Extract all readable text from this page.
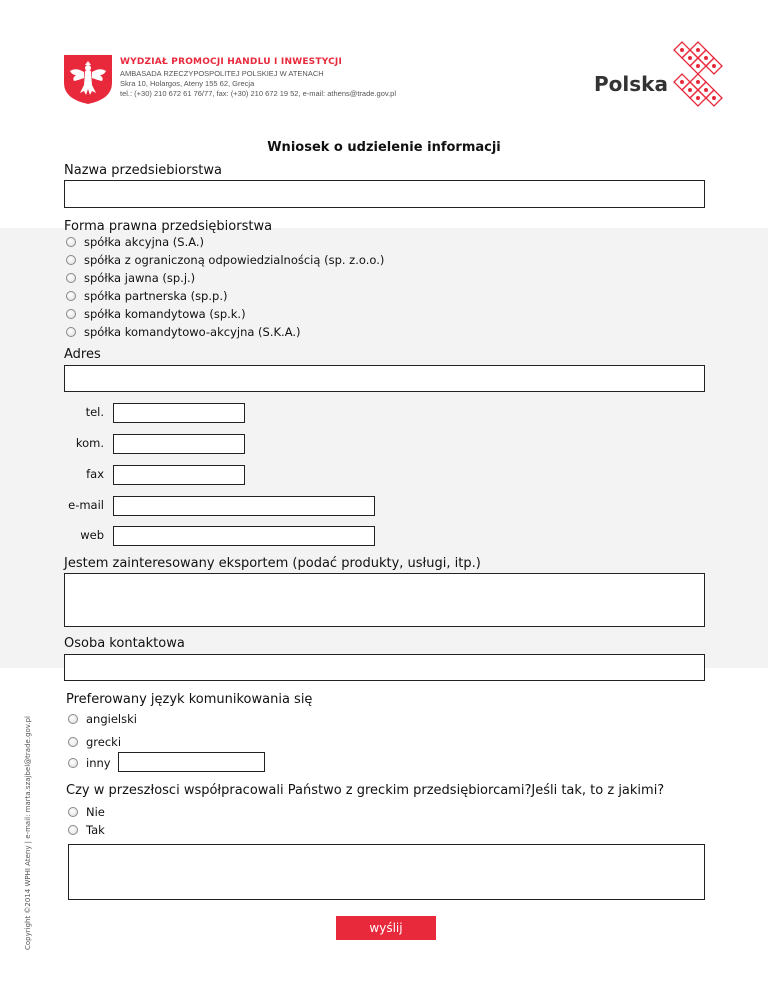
WYDZIAŁ PROMOCJI HANDLU I INWESTYCJI
AMBASADA RZECZYPOSPOLITEJ POLSKIEJ W ATENACH
Skra 10, Holargos, Ateny 155 62, Grecja
tel.: (+30) 210 672 61 76/77, fax: (+30) 210 672 19 52, e-mail: athens@trade.gov.pl	Polska
Wniosek o udzielenie informacji
Nazwa przedsiebiorstwa
Forma prawna przedsiębiorstwa
spółka akcyjna (S.A.)
spółka z ograniczoną odpowiedzialnością (sp. z.o.o.)
spółka jawna (sp.j.)
spółka partnerska (sp.p.)
spółka komandytowa (sp.k.)
spółka komandytowo-akcyjna (S.K.A.)
Adres
tel.
kom.
fax
e-mail
web
Jestem zainteresowany eksportem (podać produkty, usługi, itp.)
Osoba kontaktowa
Preferowany język komunikowania się
angielski
grecki
inny
Czy w przeszłosci współpracowali Państwo z greckim przedsiębiorcami?Jeśli tak, to z jakimi?
Nie
Tak
wyślij
Copyright ©2014 WPHI Ateny | e-mail: marta.szajbel@trade.gov.pl
